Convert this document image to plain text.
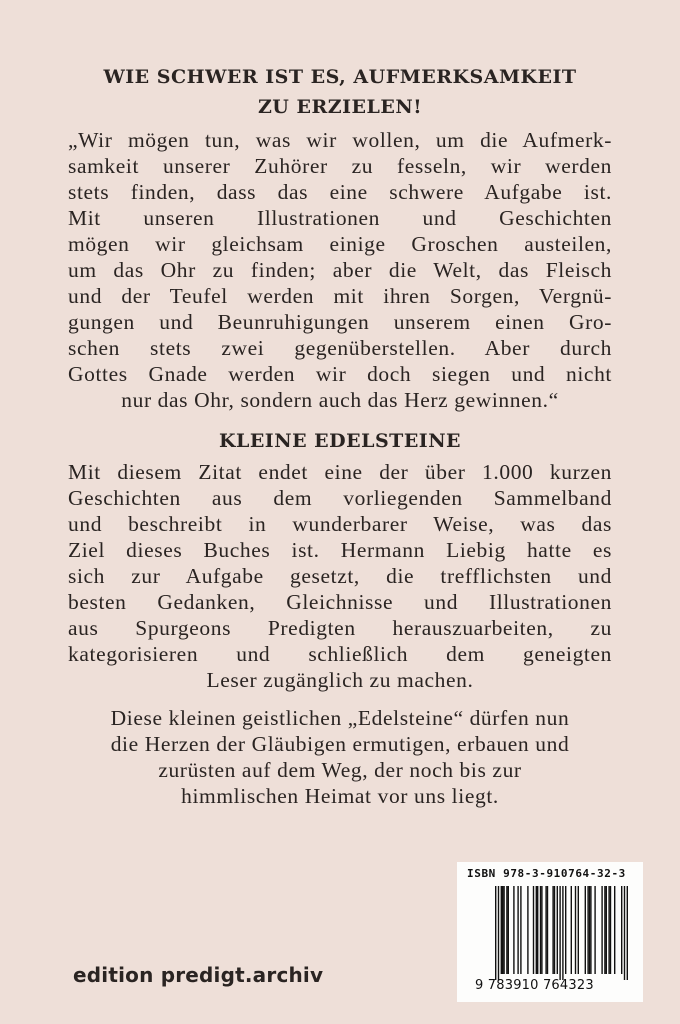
WIE SCHWER IST ES, AUFMERKSAMKEIT
ZU ERZIELEN!

„Wir mögen tun, was wir wollen, um die Aufmerk-
samkeit unserer Zuhörer zu fesseln, wir werden
stets finden, dass das eine schwere Aufgabe ist.
Mit unseren Illustrationen und Geschichten
mögen wir gleichsam einige Groschen austeilen,
um das Ohr zu finden; aber die Welt, das Fleisch
und der Teufel werden mit ihren Sorgen, Vergnü-
gungen und Beunruhigungen unserem einen Gro-
schen stets zwei gegenüberstellen. Aber durch
Gottes Gnade werden wir doch siegen und nicht
nur das Ohr, sondern auch das Herz gewinnen.“

KLEINE EDELSTEINE

Mit diesem Zitat endet eine der über 1.000 kurzen
Geschichten aus dem vorliegenden Sammelband
und beschreibt in wunderbarer Weise, was das
Ziel dieses Buches ist. Hermann Liebig hatte es
sich zur Aufgabe gesetzt, die trefflichsten und
besten Gedanken, Gleichnisse und Illustrationen
aus Spurgeons Predigten herauszuarbeiten, zu
kategorisieren und schließlich dem geneigten
Leser zugänglich zu machen.

Diese kleinen geistlichen „Edelsteine“ dürfen nun
die Herzen der Gläubigen ermutigen, erbauen und
zurüsten auf dem Weg, der noch bis zur
himmlischen Heimat vor uns liegt.

edition predigt.archiv
ISBN 978-3-910764-32-3
9 783910 764323
